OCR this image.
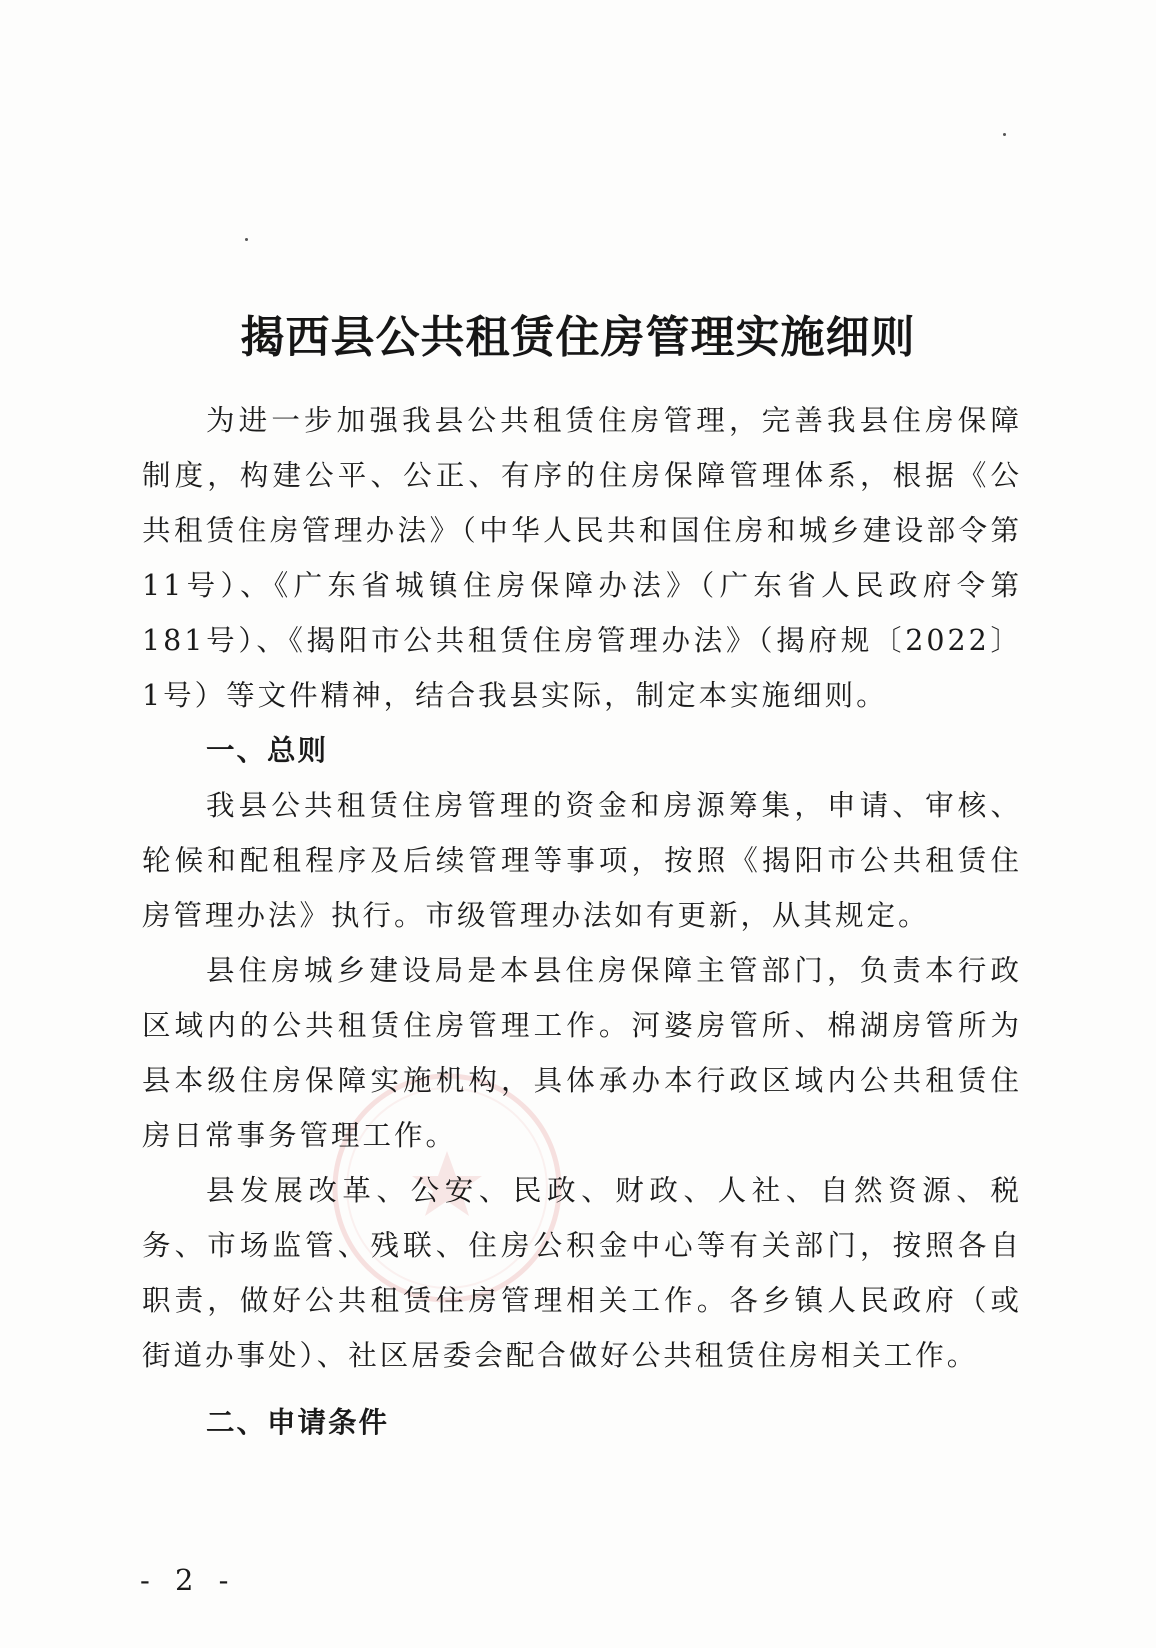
揭西县公共租赁住房管理实施细则

为进一步加强我县公共租赁住房管理，完善我县住房保障制度，构建公平、公正、有序的住房保障管理体系，根据《公共租赁住房管理办法》（中华人民共和国住房和城乡建设部令第11号）、《广东省城镇住房保障办法》（广东省人民政府令第181号）、《揭阳市公共租赁住房管理办法》（揭府规〔2022〕1号）等文件精神，结合我县实际，制定本实施细则。

一、总则

我县公共租赁住房管理的资金和房源筹集，申请、审核、轮候和配租程序及后续管理等事项，按照《揭阳市公共租赁住房管理办法》执行。市级管理办法如有更新，从其规定。

县住房城乡建设局是本县住房保障主管部门，负责本行政区域内的公共租赁住房管理工作。河婆房管所、棉湖房管所为县本级住房保障实施机构，具体承办本行政区域内公共租赁住房日常事务管理工作。

县发展改革、公安、民政、财政、人社、自然资源、税务、市场监管、残联、住房公积金中心等有关部门，按照各自职责，做好公共租赁住房管理相关工作。各乡镇人民政府（或街道办事处）、社区居委会配合做好公共租赁住房相关工作。

二、申请条件
- 2 -
